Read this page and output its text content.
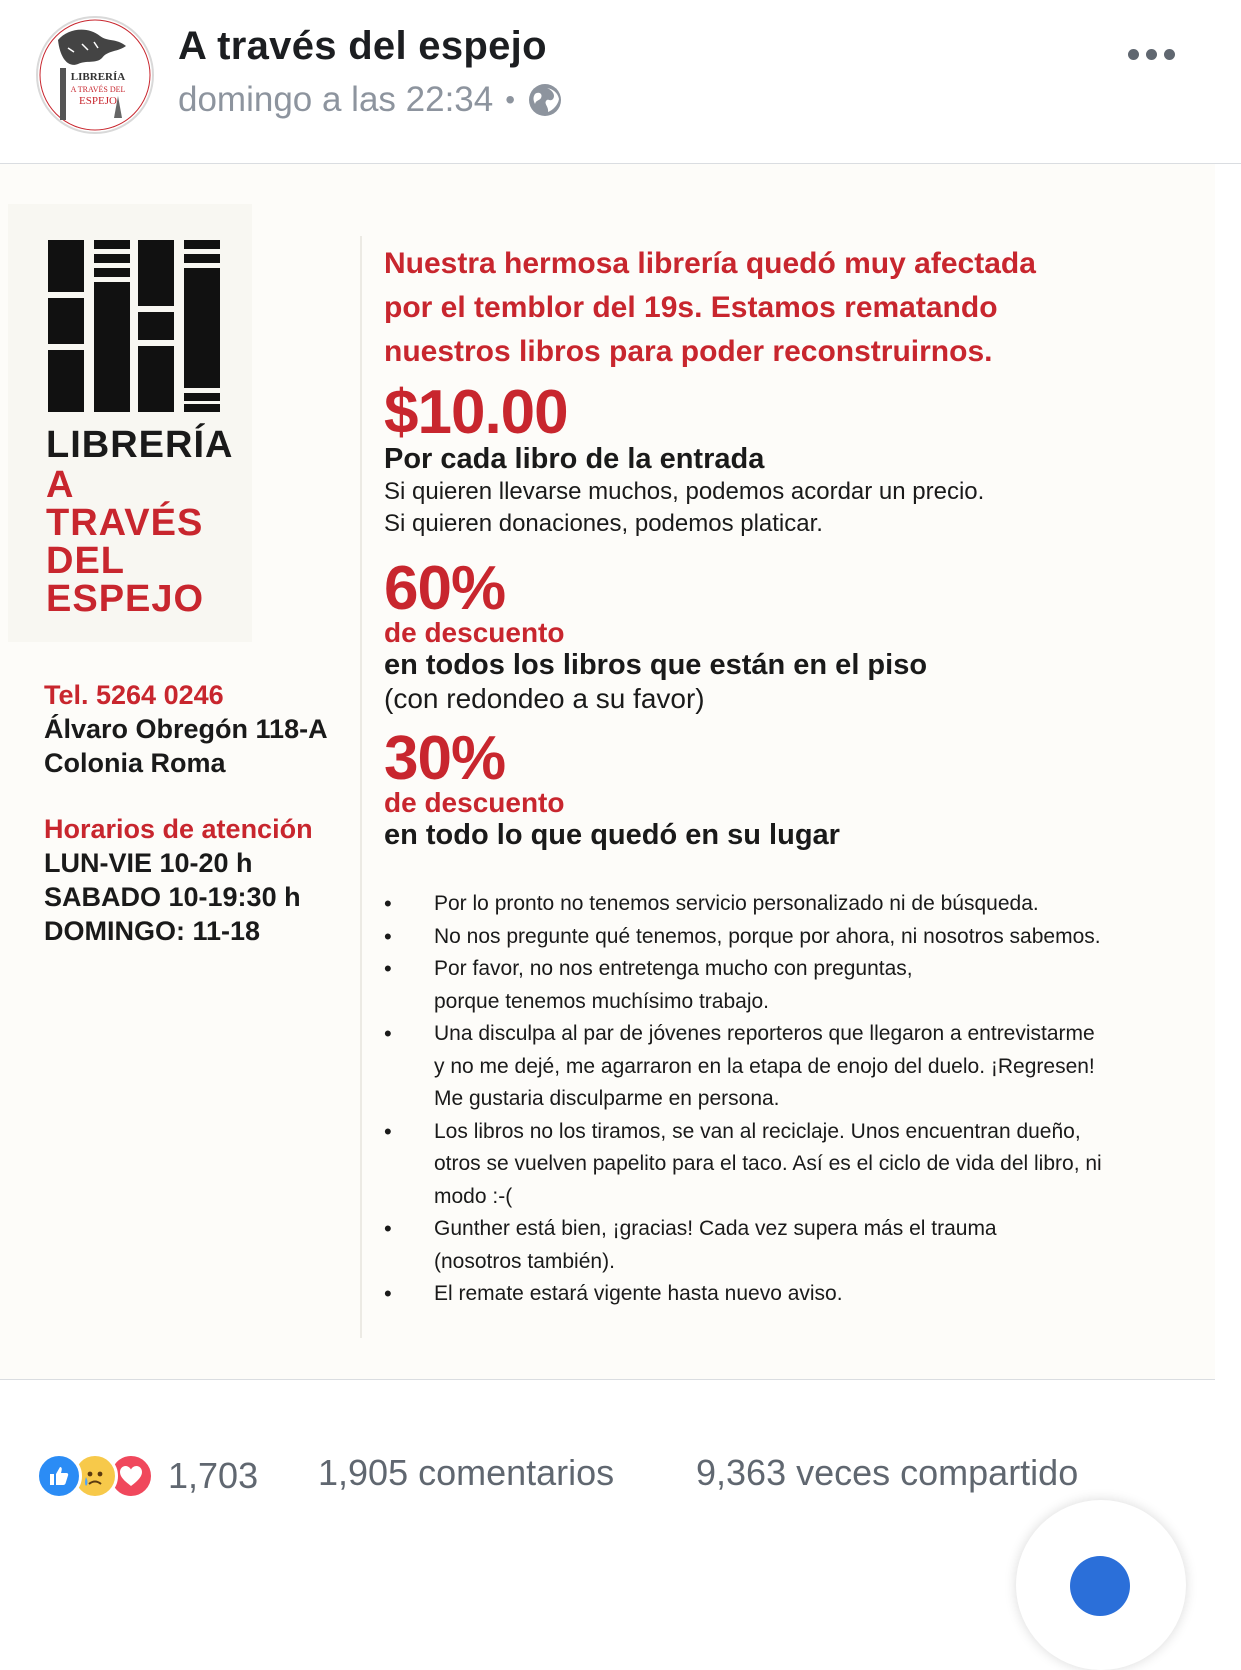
LIBRERÍA
A TRAVÉS DEL
ESPEJO
A través del espejo
domingo a las 22:34 •
LIBRERÍA
A
TRAVÉS
DEL
ESPEJO
Tel. 5264 0246
Álvaro Obregón 118-A
Colonia Roma
Horarios de atención
LUN-VIE 10-20 h
SABADO 10-19:30 h
DOMINGO: 11-18
Nuestra hermosa librería quedó muy afectada
por el temblor del 19s. Estamos rematando
nuestros libros para poder reconstruirnos.
$10.00
Por cada libro de la entrada
Si quieren llevarse muchos, podemos acordar un precio.
Si quieren donaciones, podemos platicar.
60%
de descuento
en todos los libros que están en el piso
(con redondeo a su favor)
30%
de descuento
en todo lo que quedó en su lugar
• Por lo pronto no tenemos servicio personalizado ni de búsqueda.
• No nos pregunte qué tenemos, porque por ahora, ni nosotros sabemos.
• Por favor, no nos entretenga mucho con preguntas,
porque tenemos muchísimo trabajo.
• Una disculpa al par de jóvenes reporteros que llegaron a entrevistarme
y no me dejé, me agarraron en la etapa de enojo del duelo. ¡Regresen!
Me gustaria disculparme en persona.
• Los libros no los tiramos, se van al reciclaje. Unos encuentran dueño,
otros se vuelven papelito para el taco. Así es el ciclo de vida del libro, ni
modo :-(
• Gunther está bien, ¡gracias! Cada vez supera más el trauma
(nosotros también).
• El remate estará vigente hasta nuevo aviso.
1,703 1,905 comentarios 9,363 veces compartido
